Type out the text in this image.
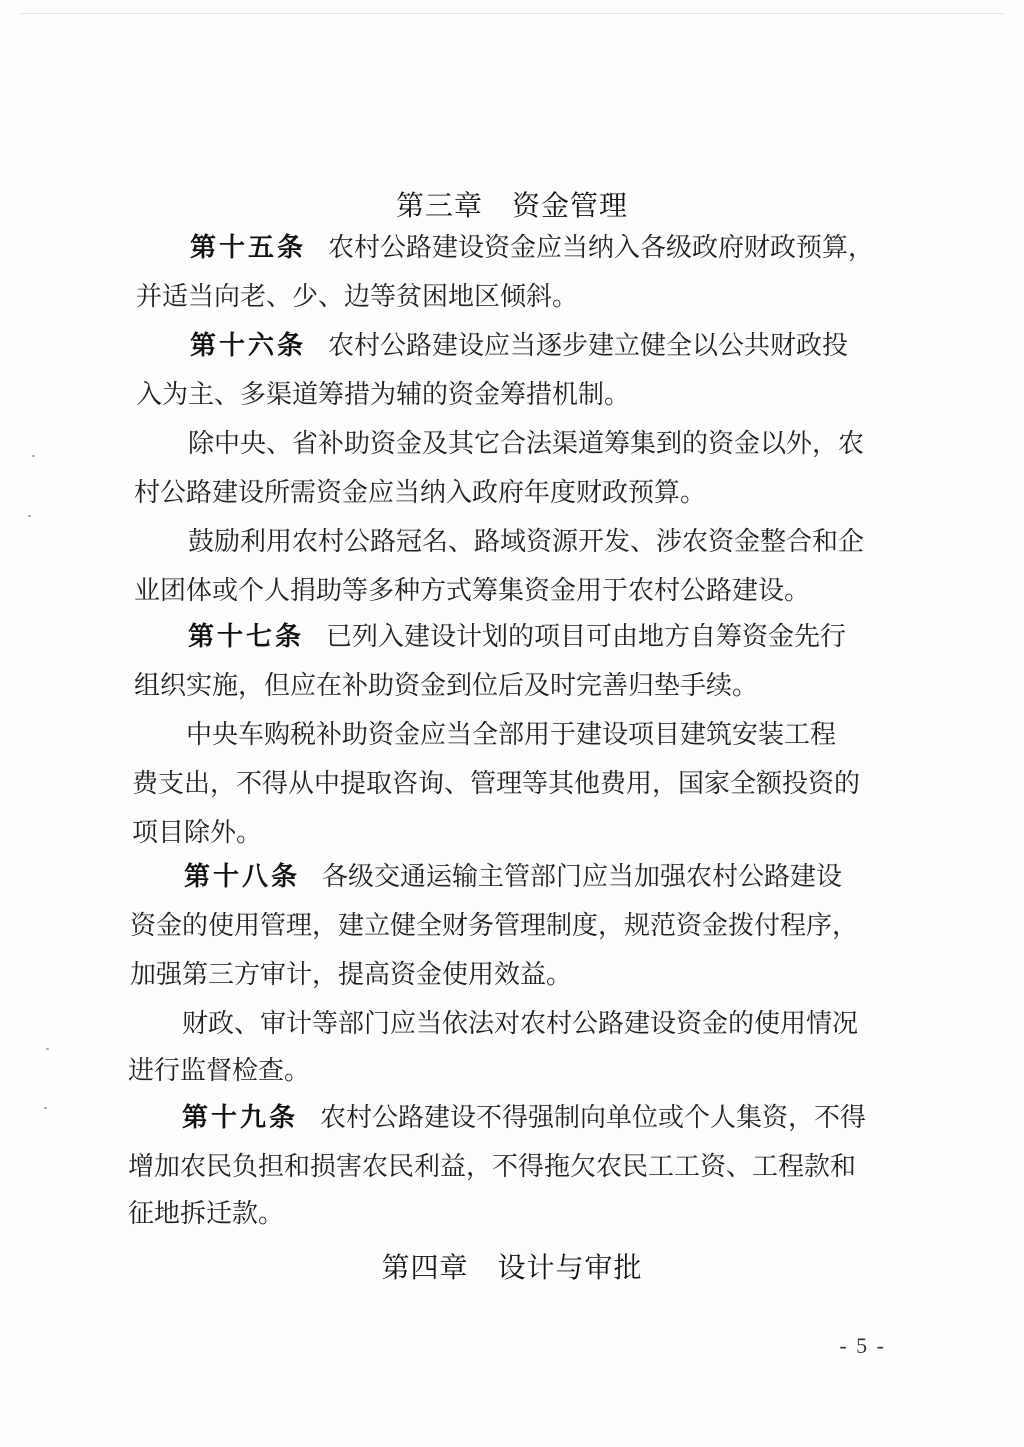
第三章　资金管理
第十五条 农村公路建设资金应当纳入各级政府财政预算，
并适当向老、少、边等贫困地区倾斜。
第十六条 农村公路建设应当逐步建立健全以公共财政投
入为主、多渠道筹措为辅的资金筹措机制。
除中央、省补助资金及其它合法渠道筹集到的资金以外，农
村公路建设所需资金应当纳入政府年度财政预算。
鼓励利用农村公路冠名、路域资源开发、涉农资金整合和企
业团体或个人捐助等多种方式筹集资金用于农村公路建设。
第十七条 已列入建设计划的项目可由地方自筹资金先行
组织实施，但应在补助资金到位后及时完善归垫手续。
中央车购税补助资金应当全部用于建设项目建筑安装工程
费支出，不得从中提取咨询、管理等其他费用，国家全额投资的
项目除外。
第十八条 各级交通运输主管部门应当加强农村公路建设
资金的使用管理，建立健全财务管理制度，规范资金拨付程序，
加强第三方审计，提高资金使用效益。
财政、审计等部门应当依法对农村公路建设资金的使用情况
进行监督检查。
第十九条 农村公路建设不得强制向单位或个人集资，不得
增加农民负担和损害农民利益，不得拖欠农民工工资、工程款和
征地拆迁款。
第四章　设计与审批
- 5 -
